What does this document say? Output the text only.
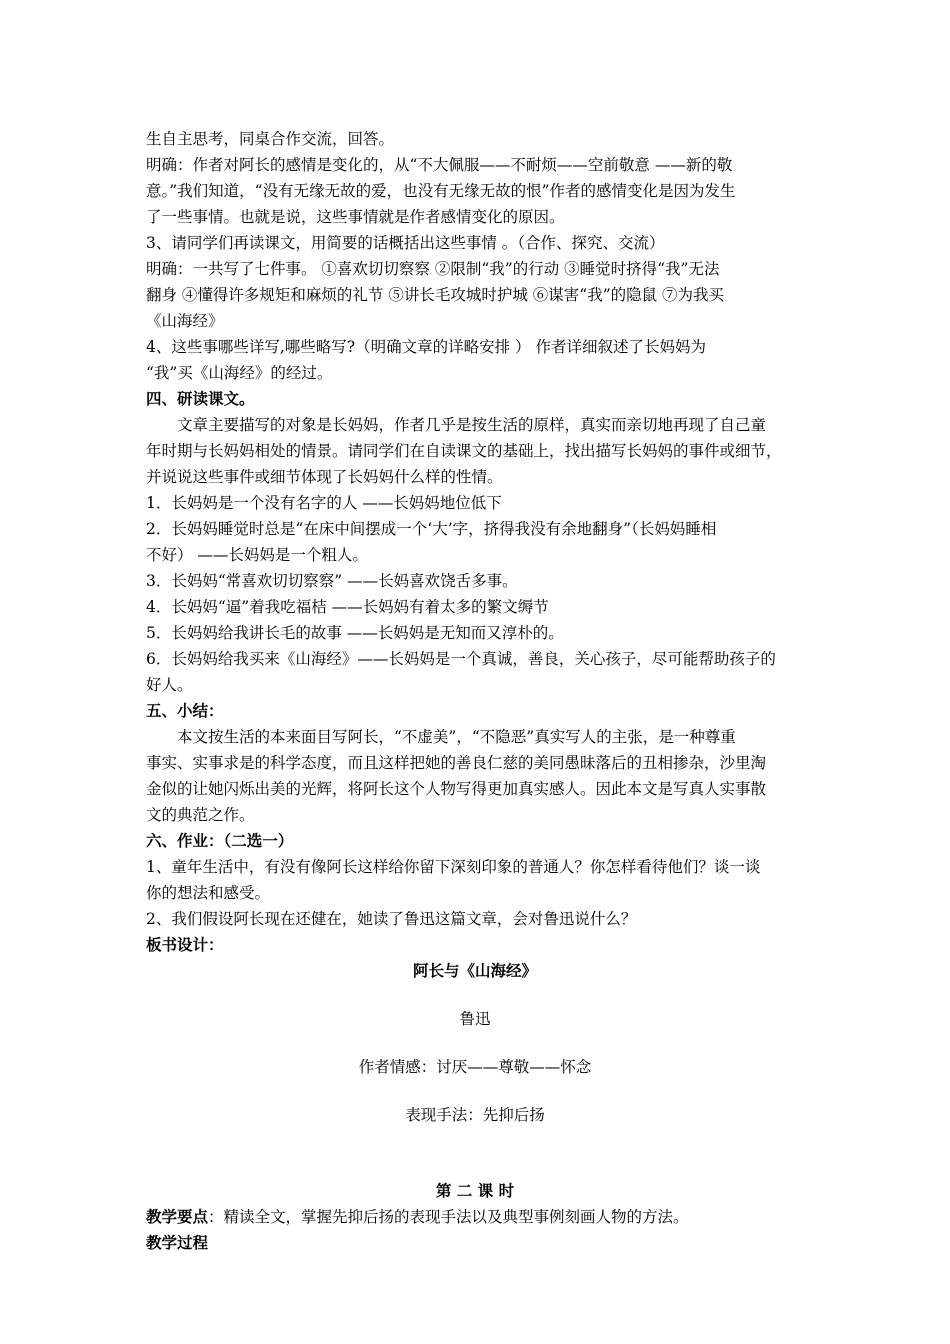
生自主思考，同桌合作交流，回答。
明确：作者对阿长的感情是变化的，从“不大佩服——不耐烦——空前敬意 ——新的敬
意。”我们知道，“没有无缘无故的爱，也没有无缘无故的恨”作者的感情变化是因为发生
了一些事情。也就是说，这些事情就是作者感情变化的原因。
3、请同学们再读课文，用简要的话概括出这些事情 。（合作、探究、交流）
明确：一共写了七件事。 ①喜欢切切察察 ②限制“我”的行动 ③睡觉时挤得“我”无法
翻身 ④懂得许多规矩和麻烦的礼节 ⑤讲长毛攻城时护城 ⑥谋害“我”的隐鼠 ⑦为我买
《山海经》
4、这些事哪些详写,哪些略写?（明确文章的详略安排 ） 作者详细叙述了长妈妈为
“我”买《山海经》的经过。
四、研读课文。
文章主要描写的对象是长妈妈，作者几乎是按生活的原样，真实而亲切地再现了自己童
年时期与长妈妈相处的情景。请同学们在自读课文的基础上，找出描写长妈妈的事件或细节，
并说说这些事件或细节体现了长妈妈什么样的性情。
1．长妈妈是一个没有名字的人 ——长妈妈地位低下
2．长妈妈睡觉时总是“在床中间摆成一个‘大’字，挤得我没有余地翻身”（长妈妈睡相
不好） ——长妈妈是一个粗人。
3．长妈妈“常喜欢切切察察” ——长妈喜欢饶舌多事。
4．长妈妈“逼”着我吃福桔 ——长妈妈有着太多的繁文缛节
5．长妈妈给我讲长毛的故事 ——长妈妈是无知而又淳朴的。
6．长妈妈给我买来《山海经》——长妈妈是一个真诚，善良，关心孩子，尽可能帮助孩子的
好人。
五、小结：
本文按生活的本来面目写阿长，“不虚美”，“不隐恶”真实写人的主张，是一种尊重
事实、实事求是的科学态度，而且这样把她的善良仁慈的美同愚昧落后的丑相掺杂，沙里淘
金似的让她闪烁出美的光辉，将阿长这个人物写得更加真实感人。因此本文是写真人实事散
文的典范之作。
六、作业：（二选一）
1、童年生活中，有没有像阿长这样给你留下深刻印象的普通人？你怎样看待他们？谈一谈
你的想法和感受。
2、我们假设阿长现在还健在，她读了鲁迅这篇文章，会对鲁迅说什么？
板书设计：
阿长与《山海经》
鲁迅
作者情感：讨厌——尊敬——怀念
表现手法：先抑后扬
第 二 课 时
教学要点：精读全文，掌握先抑后扬的表现手法以及典型事例刻画人物的方法。
教学过程
